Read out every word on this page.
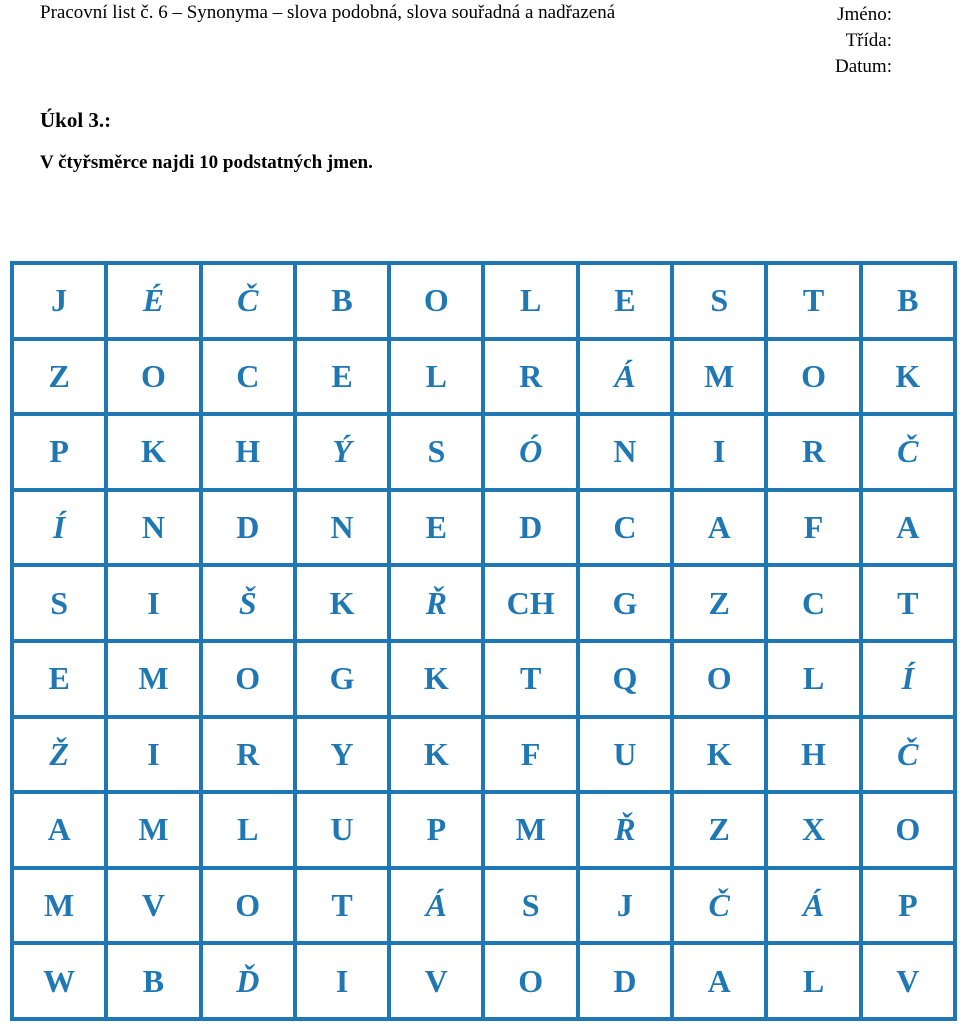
Pracovní list č. 6 – Synonyma – slova podobná, slova souřadná a nadřazená	Jméno:
Třída:
Datum:
Úkol 3.:
V čtyřsměrce najdi 10 podstatných jmen.
J	É	Č	B	O	L	E	S	T	B
Z	O	C	E	L	R	Á	M	O	K
P	K	H	Ý	S	Ó	N	I	R	Č
Í	N	D	N	E	D	C	A	F	A
S	I	Š	K	Ř	CH	G	Z	C	T
E	M	O	G	K	T	Q	O	L	Í
Ž	I	R	Y	K	F	U	K	H	Č
A	M	L	U	P	M	Ř	Z	X	O
M	V	O	T	Á	S	J	Č	Á	P
W	B	Ď	I	V	O	D	A	L	V
